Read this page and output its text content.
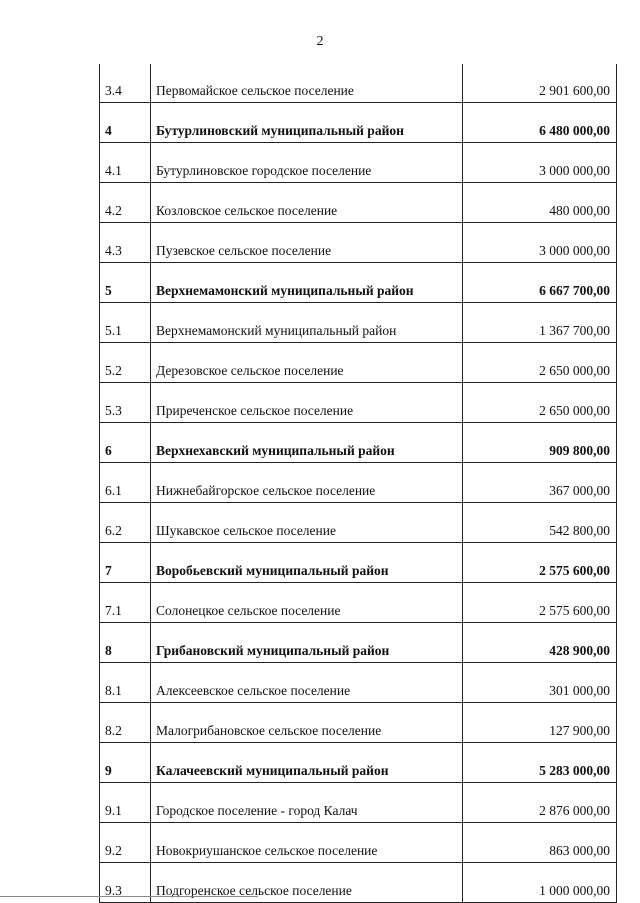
2
3.4	Первомайское сельское поселение	2 901 600,00
4	Бутурлиновский муниципальный район	6 480 000,00
4.1	Бутурлиновское городское поселение	3 000 000,00
4.2	Козловское сельское поселение	480 000,00
4.3	Пузевское сельское поселение	3 000 000,00
5	Верхнемамонский муниципальный район	6 667 700,00
5.1	Верхнемамонский муниципальный район	1 367 700,00
5.2	Дерезовское сельское поселение	2 650 000,00
5.3	Приреченское сельское поселение	2 650 000,00
6	Верхнехавский муниципальный район	909 800,00
6.1	Нижнебайгорское сельское поселение	367 000,00
6.2	Шукавское сельское поселение	542 800,00
7	Воробьевский муниципальный район	2 575 600,00
7.1	Солонецкое сельское поселение	2 575 600,00
8	Грибановский муниципальный район	428 900,00
8.1	Алексеевское сельское поселение	301 000,00
8.2	Малогрибановское сельское поселение	127 900,00
9	Калачеевский муниципальный район	5 283 000,00
9.1	Городское поселение - город Калач	2 876 000,00
9.2	Новокриушанское сельское поселение	863 000,00
9.3	Подгоренское сельское поселение	1 000 000,00
